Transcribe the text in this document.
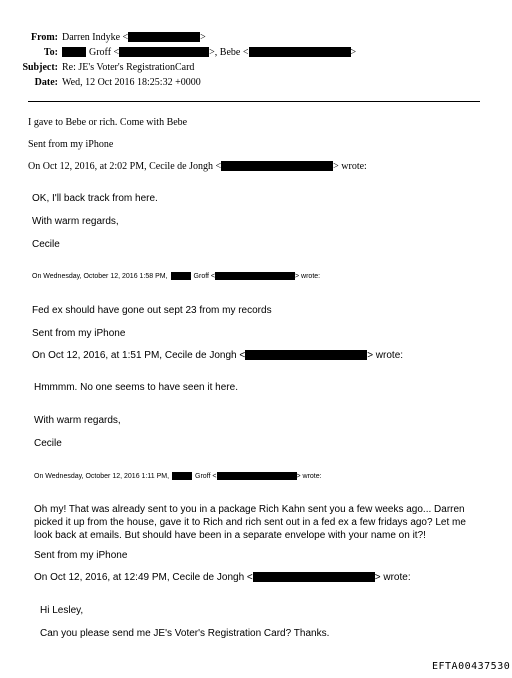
From: Darren Indyke <	>
To:	Groff <	>, Bebe <	>
Subject: Re: JE's Voter's RegistrationCard
Date: Wed, 12 Oct 2016 18:25:32 +0000
I gave to Bebe or rich. Come with Bebe
Sent from my iPhone
On Oct 12, 2016, at 2:02 PM, Cecile de Jongh <	> wrote:
OK, I'll back track from here.
With warm regards,
Cecile
On Wednesday, October 12, 2016 1:58 PM,	Groff <	> wrote:
Fed ex should have gone out sept 23 from my records
Sent from my iPhone
On Oct 12, 2016, at 1:51 PM, Cecile de Jongh <	> wrote:
Hmmmm. No one seems to have seen it here.
With warm regards,
Cecile
On Wednesday, October 12, 2016 1:11 PM,	Groff <	> wrote:
Oh my! That was already sent to you in a package Rich Kahn sent you a few weeks ago... Darren picked it up from the house, gave it to Rich and rich sent out in a fed ex a few fridays ago? Let me look back at emails. But should have been in a separate envelope with your name on it?!
Sent from my iPhone
On Oct 12, 2016, at 12:49 PM, Cecile de Jongh <	> wrote:
Hi Lesley,
Can you please send me JE's Voter's Registration Card? Thanks.
EFTA00437530
